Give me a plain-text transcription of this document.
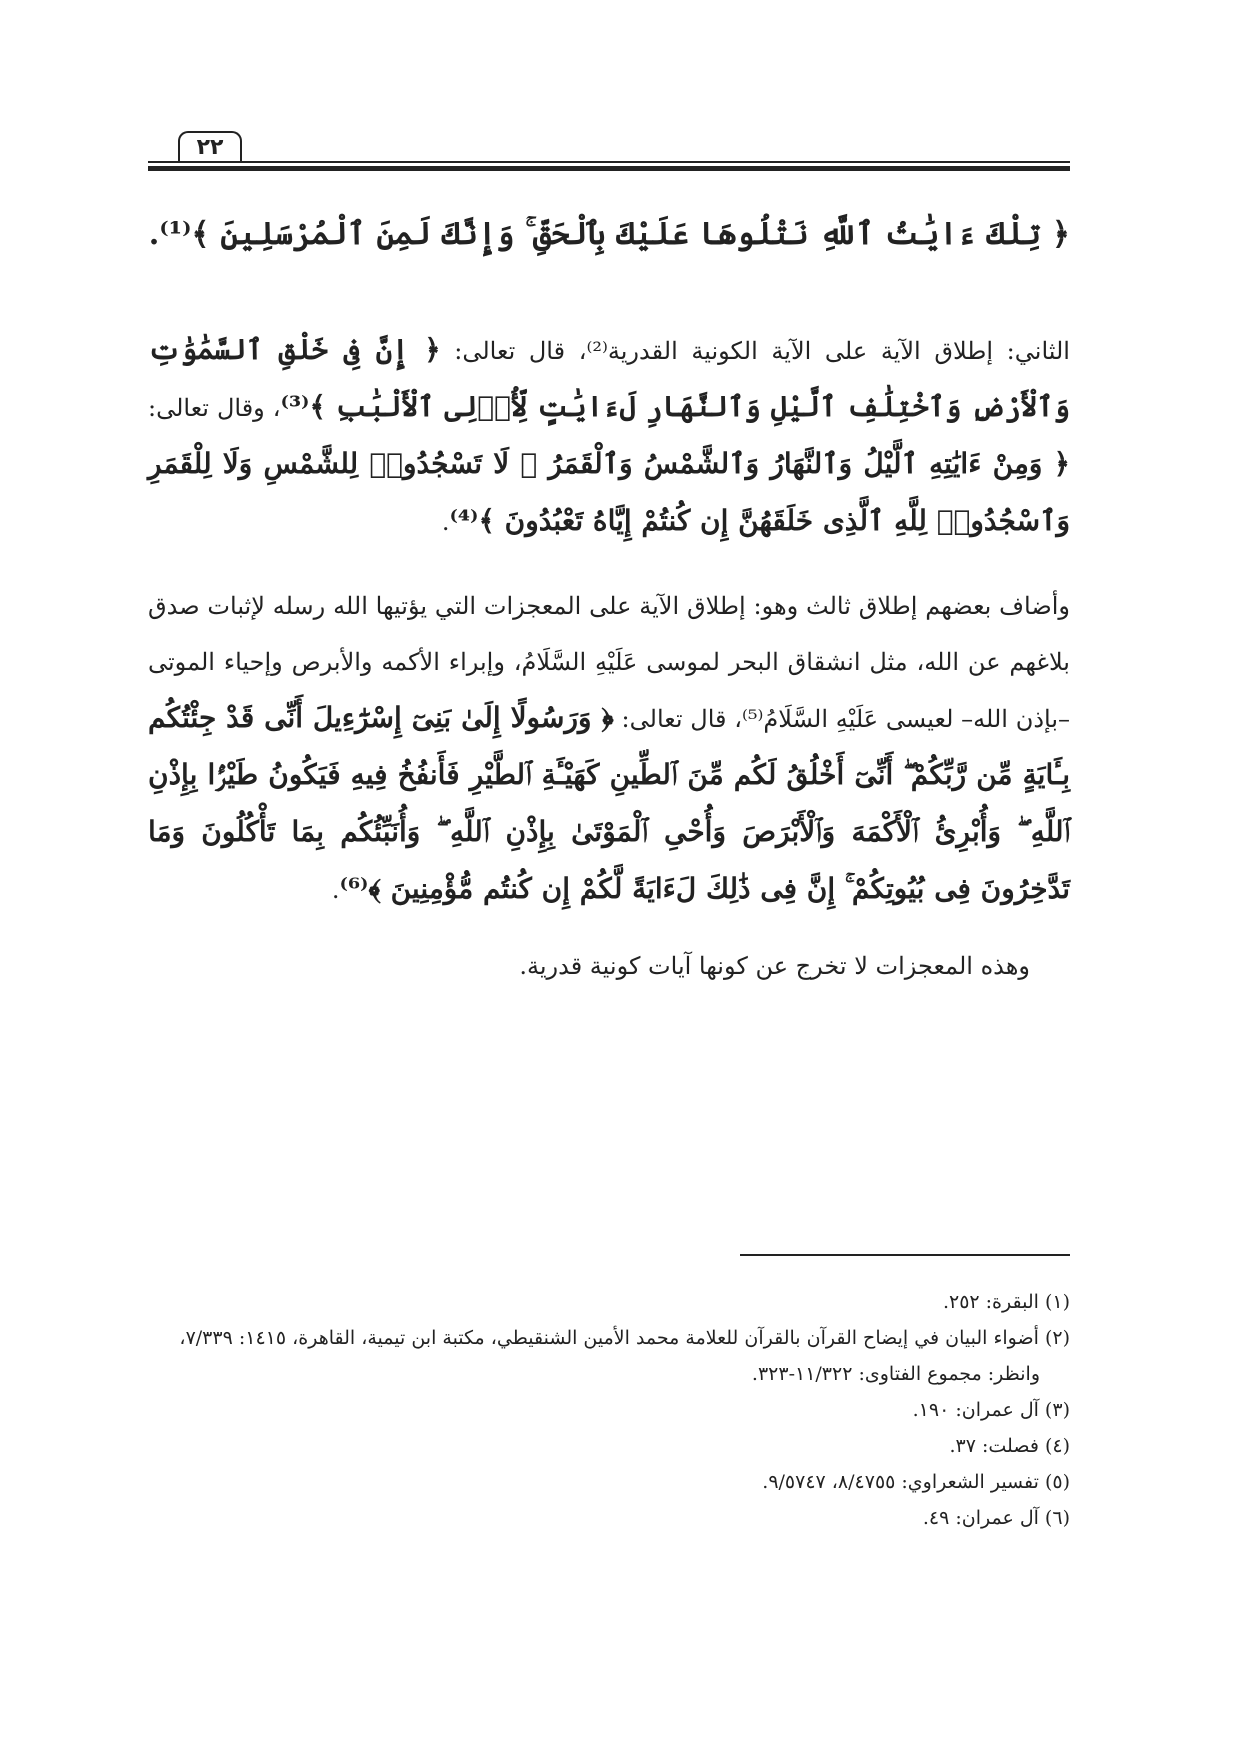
٢٢
﴿ تِلْكَ ءَايَٰتُ ٱللَّهِ نَتْلُوهَا عَلَيْكَ بِٱلْحَقِّ ۚ وَإِنَّكَ لَمِنَ ٱلْمُرْسَلِينَ ﴾⁽¹⁾.
الثاني: إطلاق الآية على الآية الكونية القدرية⁽²⁾، قال تعالى: ﴿ إِنَّ فِى خَلْقِ ٱلسَّمَٰوَٰتِ وَٱلْأَرْضِ وَٱخْتِلَٰفِ ٱلَّيْلِ وَٱلنَّهَارِ لَءَايَٰتٍ لِّأُو۟لِى ٱلْأَلْبَٰبِ ﴾⁽³⁾، وقال تعالى: ﴿ وَمِنْ ءَايَٰتِهِ ٱلَّيْلُ وَٱلنَّهَارُ وَٱلشَّمْسُ وَٱلْقَمَرُ ۚ لَا تَسْجُدُوا۟ لِلشَّمْسِ وَلَا لِلْقَمَرِ وَٱسْجُدُوا۟ لِلَّهِ ٱلَّذِى خَلَقَهُنَّ إِن كُنتُمْ إِيَّاهُ تَعْبُدُونَ ﴾⁽⁴⁾.
وأضاف بعضهم إطلاق ثالث وهو: إطلاق الآية على المعجزات التي يؤتيها الله رسله لإثبات صدق بلاغهم عن الله، مثل انشقاق البحر لموسى عَلَيْهِ السَّلَامُ، وإبراء الأكمه والأبرص وإحياء الموتى –بإذن الله– لعيسى عَلَيْهِ السَّلَامُ⁽⁵⁾، قال تعالى: ﴿ وَرَسُولًا إِلَىٰ بَنِىٓ إِسْرَٰٓءِيلَ أَنِّى قَدْ جِئْتُكُم بِـَٔايَةٍ مِّن رَّبِّكُمْ ۖ أَنِّىٓ أَخْلُقُ لَكُم مِّنَ ٱلطِّينِ كَهَيْـَٔةِ ٱلطَّيْرِ فَأَنفُخُ فِيهِ فَيَكُونُ طَيْرًۢا بِإِذْنِ ٱللَّهِ ۖ وَأُبْرِئُ ٱلْأَكْمَهَ وَٱلْأَبْرَصَ وَأُحْىِ ٱلْمَوْتَىٰ بِإِذْنِ ٱللَّهِ ۖ وَأُنَبِّئُكُم بِمَا تَأْكُلُونَ وَمَا تَدَّخِرُونَ فِى بُيُوتِكُمْ ۚ إِنَّ فِى ذَٰلِكَ لَءَايَةً لَّكُمْ إِن كُنتُم مُّؤْمِنِينَ ﴾⁽⁶⁾.
وهذه المعجزات لا تخرج عن كونها آيات كونية قدرية.

(١) البقرة: ٢٥٢.

(٢) أضواء البيان في إيضاح القرآن بالقرآن للعلامة محمد الأمين الشنقيطي، مكتبة ابن تيمية، القاهرة، ١٤١٥: ٧/٣٣٩،

وانظر: مجموع الفتاوى: ١١/٣٢٢-٣٢٣.

(٣) آل عمران: ١٩٠.

(٤) فصلت: ٣٧.

(٥) تفسير الشعراوي: ٨/٤٧٥٥، ٩/٥٧٤٧.

(٦) آل عمران: ٤٩.
